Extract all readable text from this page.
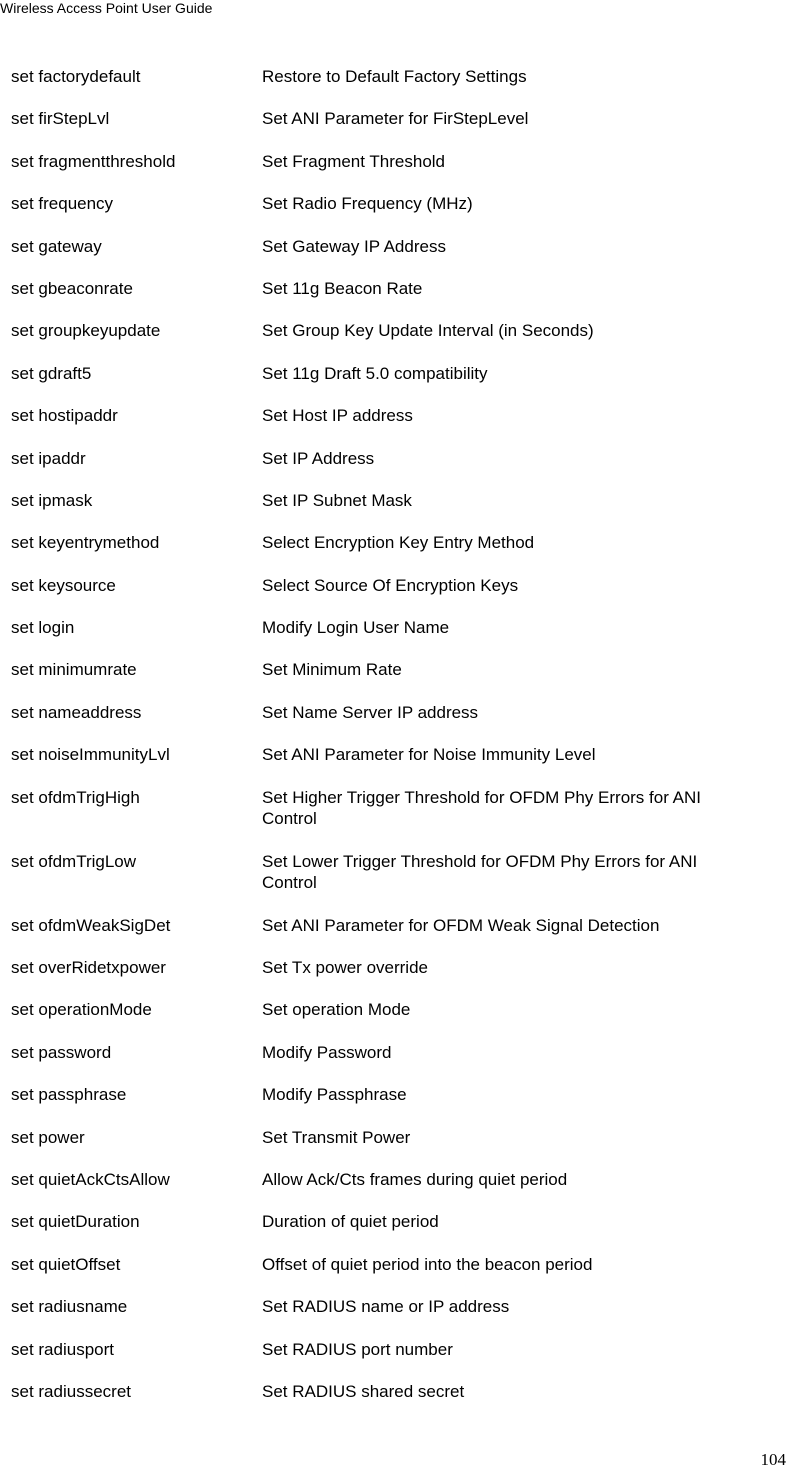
Wireless Access Point User Guide
set factorydefault	Restore to Default Factory Settings
set firStepLvl	Set ANI Parameter for FirStepLevel
set fragmentthreshold	Set Fragment Threshold
set frequency	Set Radio Frequency (MHz)
set gateway	Set Gateway IP Address
set gbeaconrate	Set 11g Beacon Rate
set groupkeyupdate	Set Group Key Update Interval (in Seconds)
set gdraft5	Set 11g Draft 5.0 compatibility
set hostipaddr	Set Host IP address
set ipaddr	Set IP Address
set ipmask	Set IP Subnet Mask
set keyentrymethod	Select Encryption Key Entry Method
set keysource	Select Source Of Encryption Keys
set login	Modify Login User Name
set minimumrate	Set Minimum Rate
set nameaddress	Set Name Server IP address
set noiseImmunityLvl	Set ANI Parameter for Noise Immunity Level
set ofdmTrigHigh	Set Higher Trigger Threshold for OFDM Phy Errors for ANI Control
set ofdmTrigLow	Set Lower Trigger Threshold for OFDM Phy Errors for ANI Control
set ofdmWeakSigDet	Set ANI Parameter for OFDM Weak Signal Detection
set overRidetxpower	Set Tx power override
set operationMode	Set operation Mode
set password	Modify Password
set passphrase	Modify Passphrase
set power	Set Transmit Power
set quietAckCtsAllow	Allow Ack/Cts frames during quiet period
set quietDuration	Duration of quiet period
set quietOffset	Offset of quiet period into the beacon period
set radiusname	Set RADIUS name or IP address
set radiusport	Set RADIUS port number
set radiussecret	Set RADIUS shared secret
104
